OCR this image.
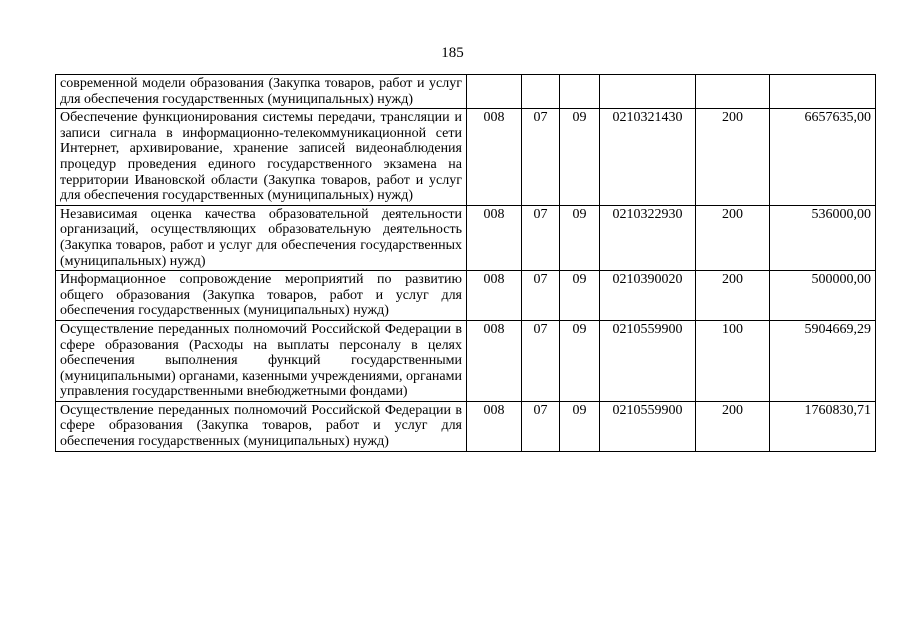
185
современной модели образования (Закупка товаров, работ и услуг для обеспечения государственных (муниципальных) нужд)						
Обеспечение функционирования системы передачи, трансляции и записи сигнала в информационно-телекоммуникационной сети Интернет, архивирование, хранение записей видеонаблюдения процедур проведения единого государственного экзамена на территории Ивановской области (Закупка товаров, работ и услуг для обеспечения государственных (муниципальных) нужд)	008	07	09	0210321430	200	6657635,00
Независимая оценка качества образовательной деятельности организаций, осуществляющих образовательную деятельность (Закупка товаров, работ и услуг для обеспечения государственных (муниципальных) нужд)	008	07	09	0210322930	200	536000,00
Информационное сопровождение мероприятий по развитию общего образования (Закупка товаров, работ и услуг для обеспечения государственных (муниципальных) нужд)	008	07	09	0210390020	200	500000,00
Осуществление переданных полномочий Российской Федерации в сфере образования (Расходы на выплаты персоналу в целях обеспечения выполнения функций государственными (муниципальными) органами, казенными учреждениями, органами управления государственными внебюджетными фондами)	008	07	09	0210559900	100	5904669,29
Осуществление переданных полномочий Российской Федерации в сфере образования (Закупка товаров, работ и услуг для обеспечения государственных (муниципальных) нужд)	008	07	09	0210559900	200	1760830,71
